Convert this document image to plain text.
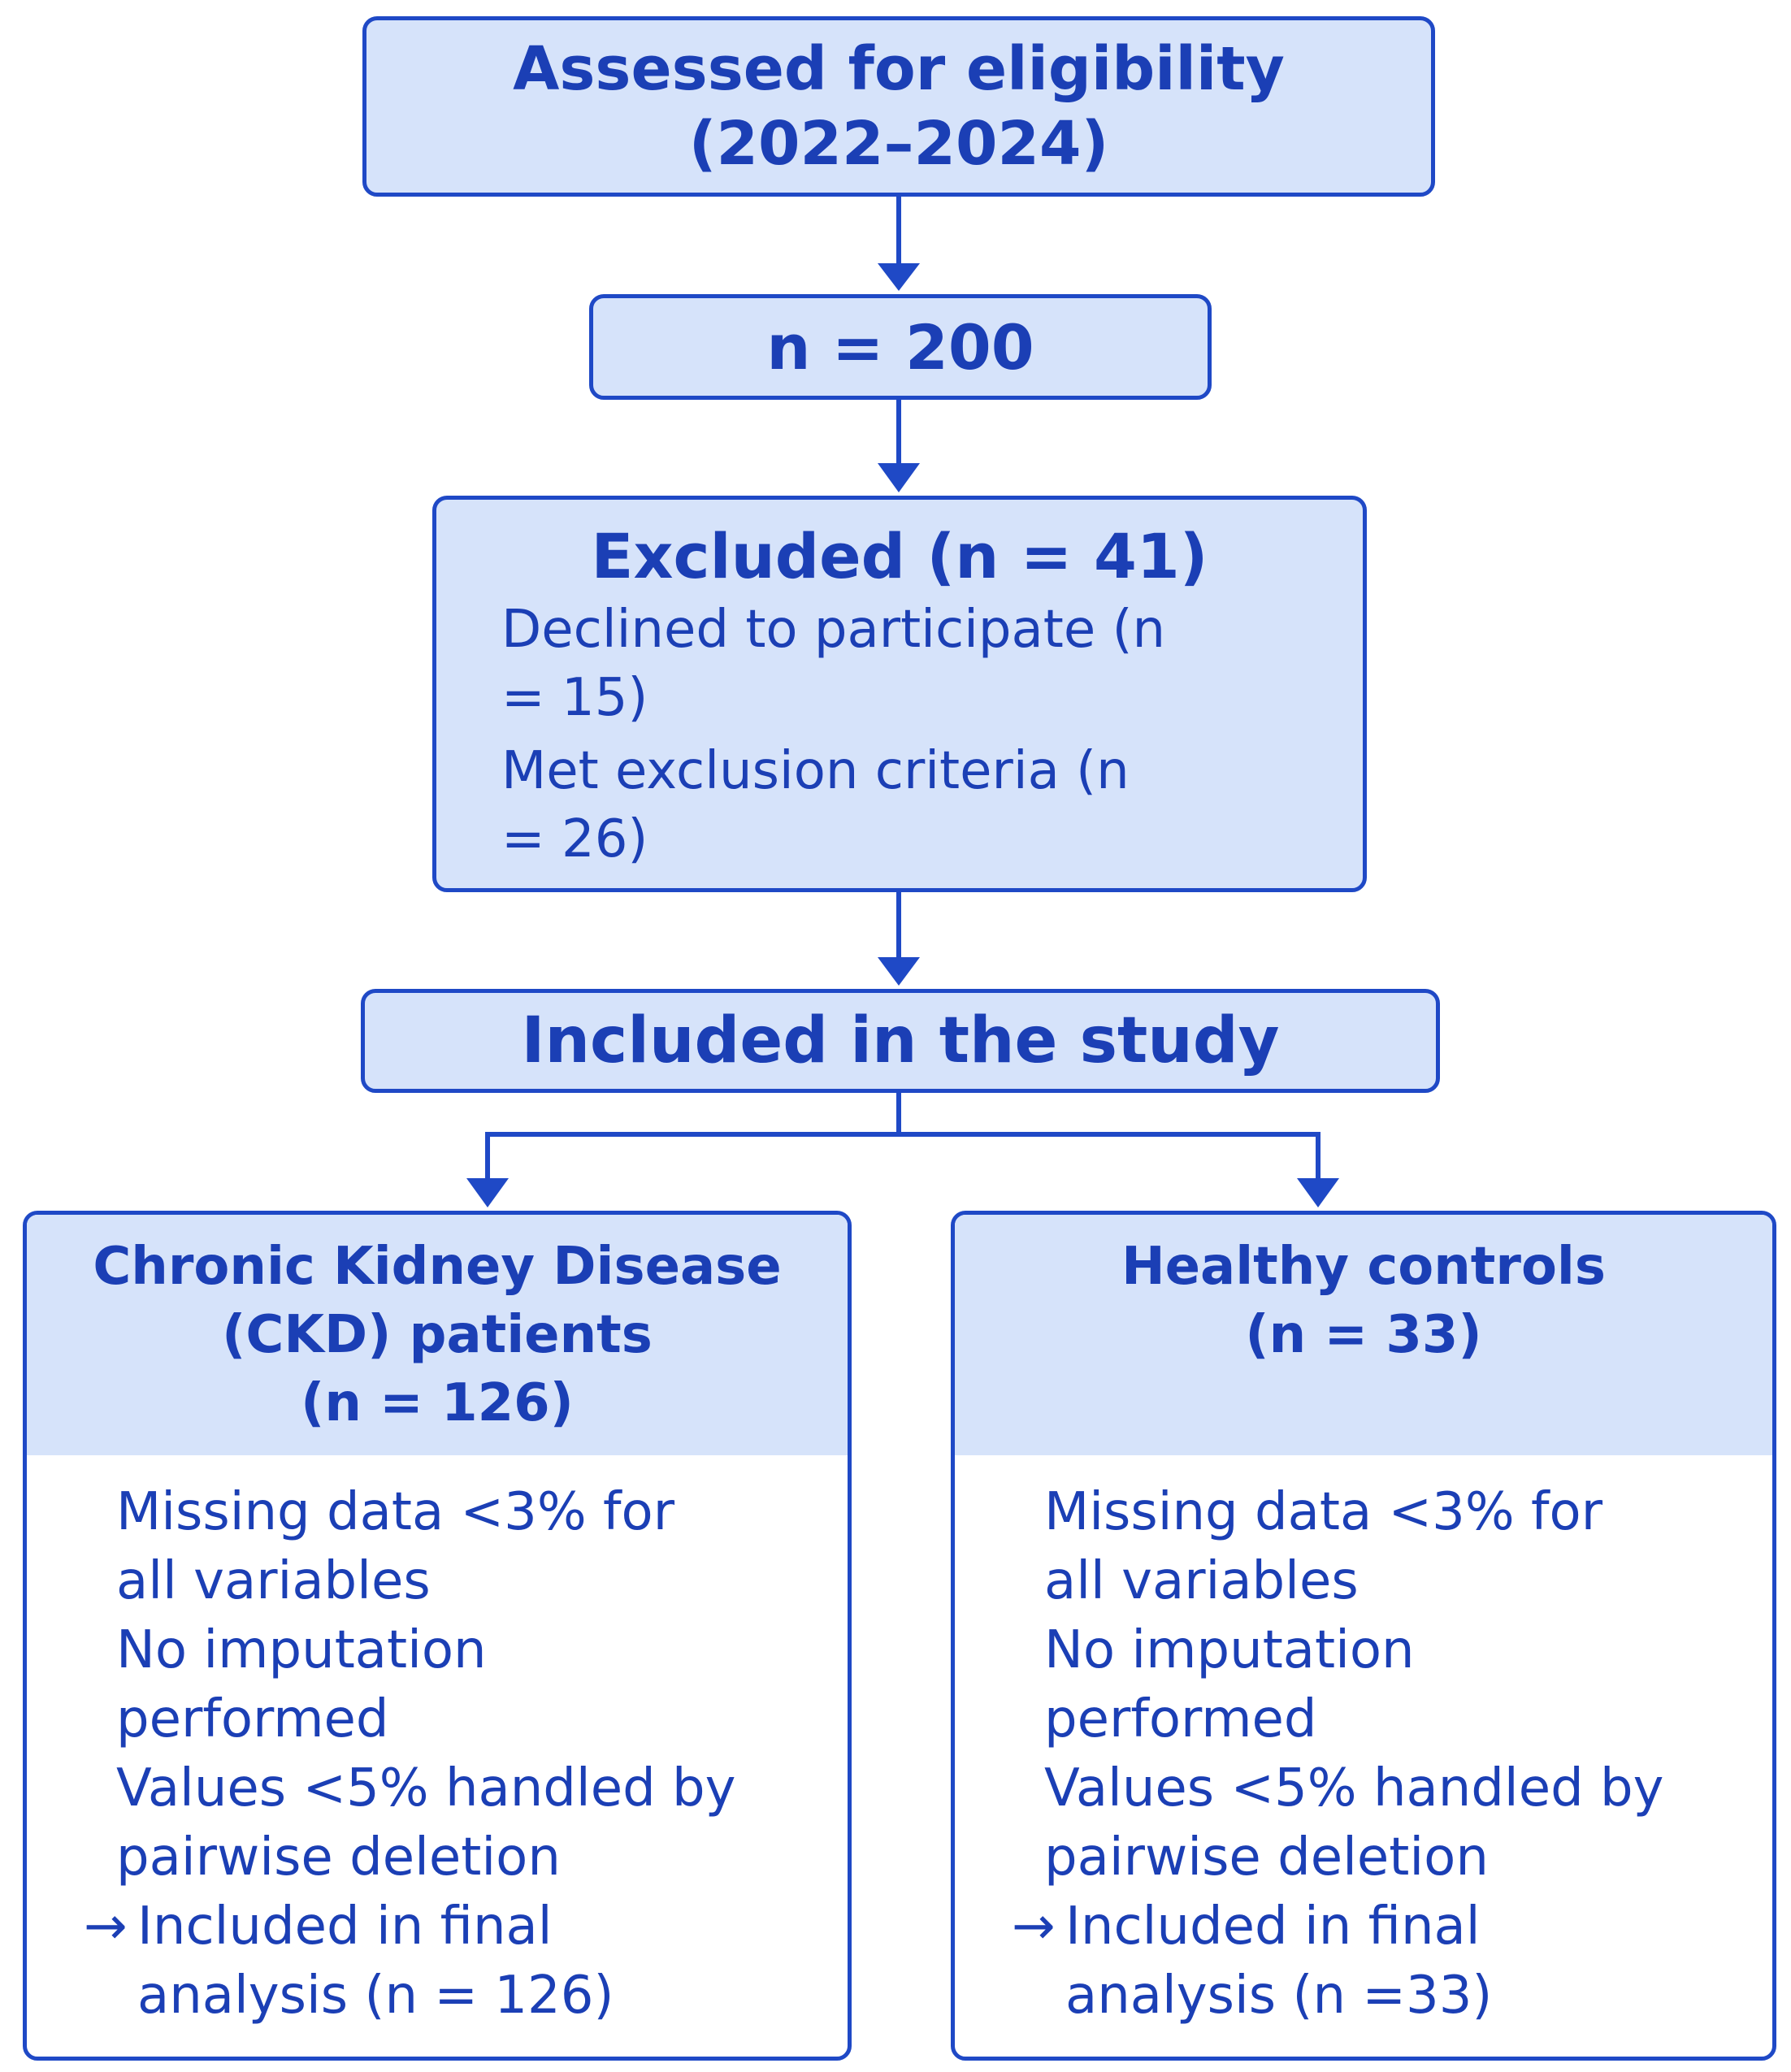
Assessed for eligibility
(2022–2024)
n = 200
Excluded (n = 41)
Declined to participate (n
= 15)
Met exclusion criteria (n
= 26)
Included in the study
Chronic Kidney Disease
(CKD) patients
(n = 126)
Missing data <3% for
all variables
No imputation
performed
Values <5% handled by
pairwise deletion
→ Included in final
analysis (n = 126)
Healthy controls
(n = 33)
Missing data <3% for
all variables
No imputation
performed
Values <5% handled by
pairwise deletion
→ Included in final
analysis (n =33)
